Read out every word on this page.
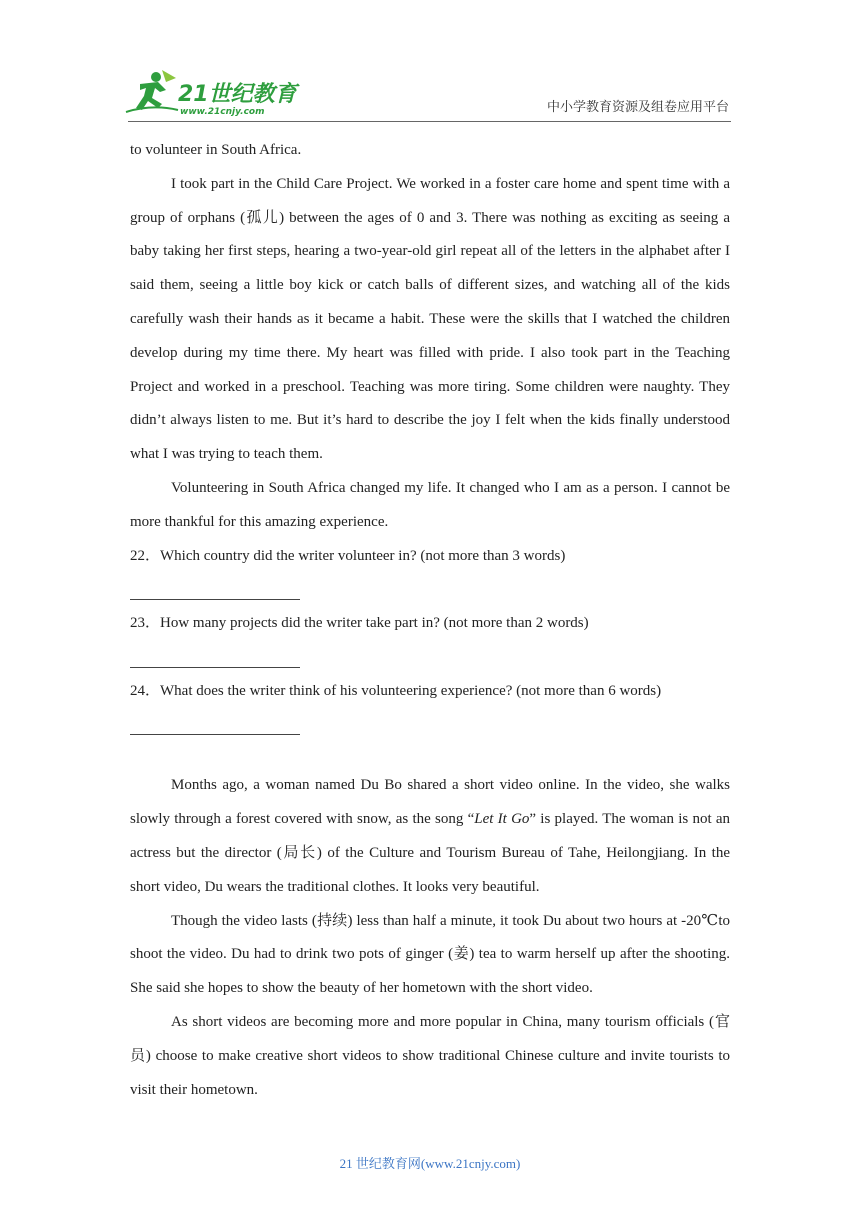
21世纪教育
www.21cnjy.com	中小学教育资源及组卷应用平台

to volunteer in South Africa.

I took part in the Child Care Project. We worked in a foster care home and spent time with a group of orphans (孤儿) between the ages of 0 and 3. There was nothing as exciting as seeing a baby taking her first steps, hearing a two-year-old girl repeat all of the letters in the alphabet after I said them, seeing a little boy kick or catch balls of different sizes, and watching all of the kids carefully wash their hands as it became a habit. These were the skills that I watched the children develop during my time there. My heart was filled with pride. I also took part in the Teaching Project and worked in a preschool. Teaching was more tiring. Some children were naughty. They didn’t always listen to me. But it’s hard to describe the joy I felt when the kids finally understood what I was trying to teach them.

Volunteering in South Africa changed my life. It changed who I am as a person. I cannot be more thankful for this amazing experience.

22．Which country did the writer volunteer in? (not more than 3 words)

23．How many projects did the writer take part in? (not more than 2 words)

24．What does the writer think of his volunteering experience? (not more than 6 words)

Months ago, a woman named Du Bo shared a short video online. In the video, she walks slowly through a forest covered with snow, as the song “Let It Go” is played. The woman is not an actress but the director (局长) of the Culture and Tourism Bureau of Tahe, Heilongjiang. In the short video, Du wears the traditional clothes. It looks very beautiful.

Though the video lasts (持续) less than half a minute, it took Du about two hours at -20℃to shoot the video. Du had to drink two pots of ginger (姜) tea to warm herself up after the shooting. She said she hopes to show the beauty of her hometown with the short video.

As short videos are becoming more and more popular in China, many tourism officials (官员) choose to make creative short videos to show traditional Chinese culture and invite tourists to visit their hometown.

21 世纪教育网(www.21cnjy.com)
